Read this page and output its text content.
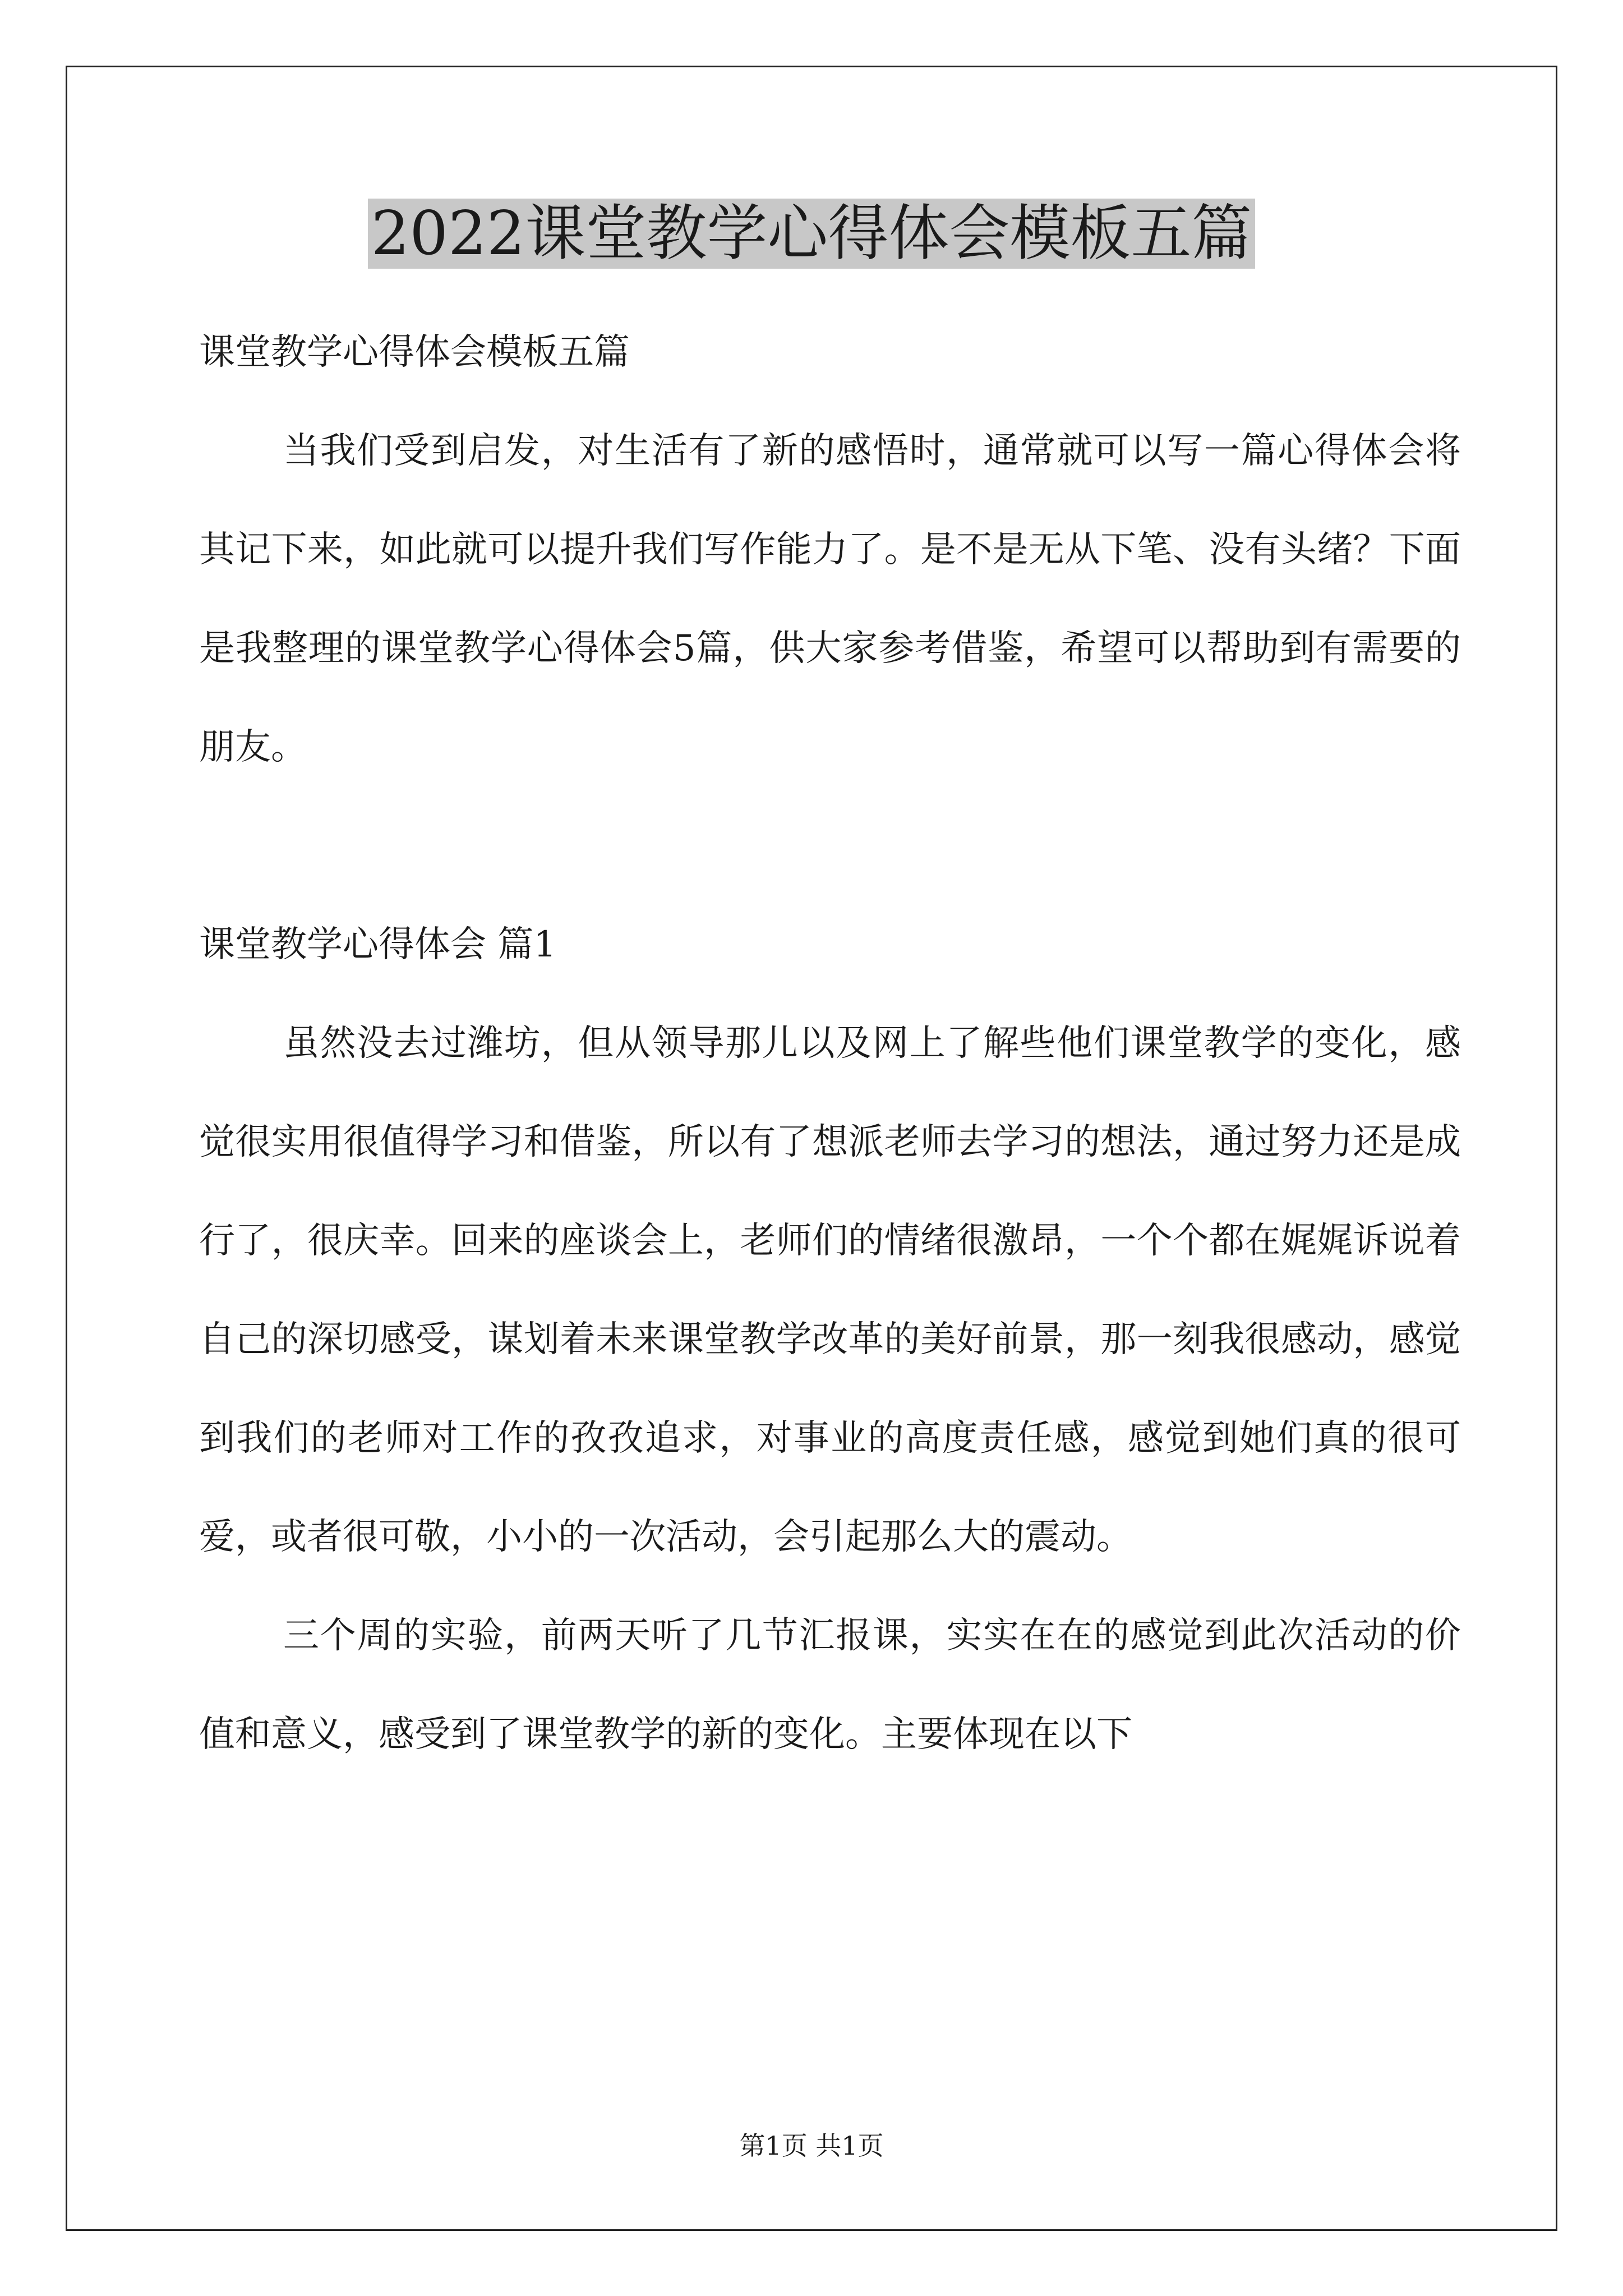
2022课堂教学心得体会模板五篇

课堂教学心得体会模板五篇

当我们受到启发，对生活有了新的感悟时，通常就可以写一篇心得体会将其记下来，如此就可以提升我们写作能力了。是不是无从下笔、没有头绪？下面是我整理的课堂教学心得体会5篇，供大家参考借鉴，希望可以帮助到有需要的朋友。

课堂教学心得体会 篇1

虽然没去过潍坊，但从领导那儿以及网上了解些他们课堂教学的变化，感觉很实用很值得学习和借鉴，所以有了想派老师去学习的想法，通过努力还是成行了，很庆幸。回来的座谈会上，老师们的情绪很激昂，一个个都在娓娓诉说着自己的深切感受，谋划着未来课堂教学改革的美好前景，那一刻我很感动，感觉到我们的老师对工作的孜孜追求，对事业的高度责任感，感觉到她们真的很可爱，或者很可敬，小小的一次活动，会引起那么大的震动。

三个周的实验，前两天听了几节汇报课，实实在在的感觉到此次活动的价值和意义，感受到了课堂教学的新的变化。主要体现在以下

第1页 共1页
